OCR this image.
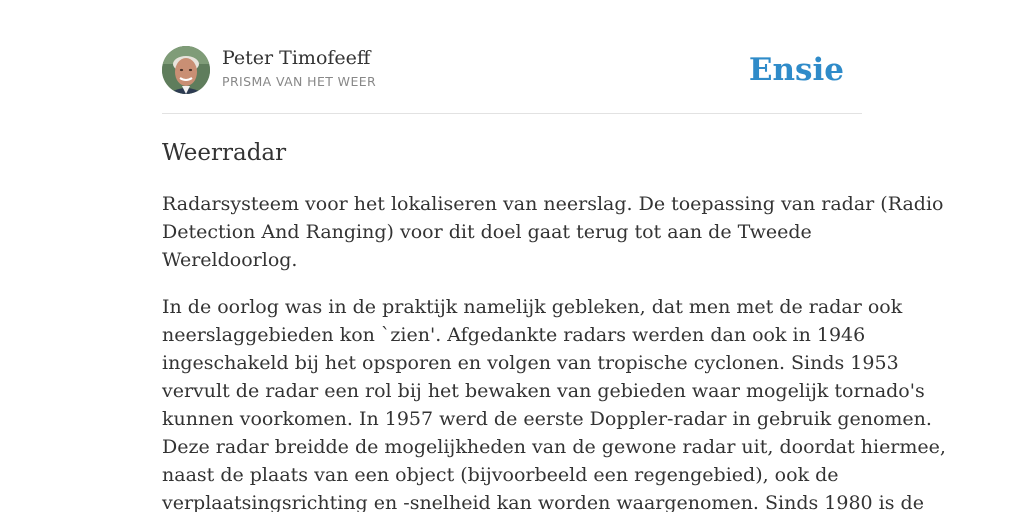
Peter Timofeeff
PRISMA VAN HET WEER	Ensie
Weerradar

Radarsysteem voor het lokaliseren van neerslag. De toepassing van radar (Radio
Detection And Ranging) voor dit doel gaat terug tot aan de Tweede
Wereldoorlog.

In de oorlog was in de praktijk namelijk gebleken, dat men met de radar ook
neerslaggebieden kon `zien'. Afgedankte radars werden dan ook in 1946
ingeschakeld bij het opsporen en volgen van tropische cyclonen. Sinds 1953
vervult de radar een rol bij het bewaken van gebieden waar mogelijk tornado's
kunnen voorkomen. In 1957 werd de eerste Doppler-radar in gebruik genomen.
Deze radar breidde de mogelijkheden van de gewone radar uit, doordat hiermee,
naast de plaats van een object (bijvoorbeeld een regengebied), ook de
verplaatsingsrichting en -snelheid kan worden waargenomen. Sinds 1980 is de
